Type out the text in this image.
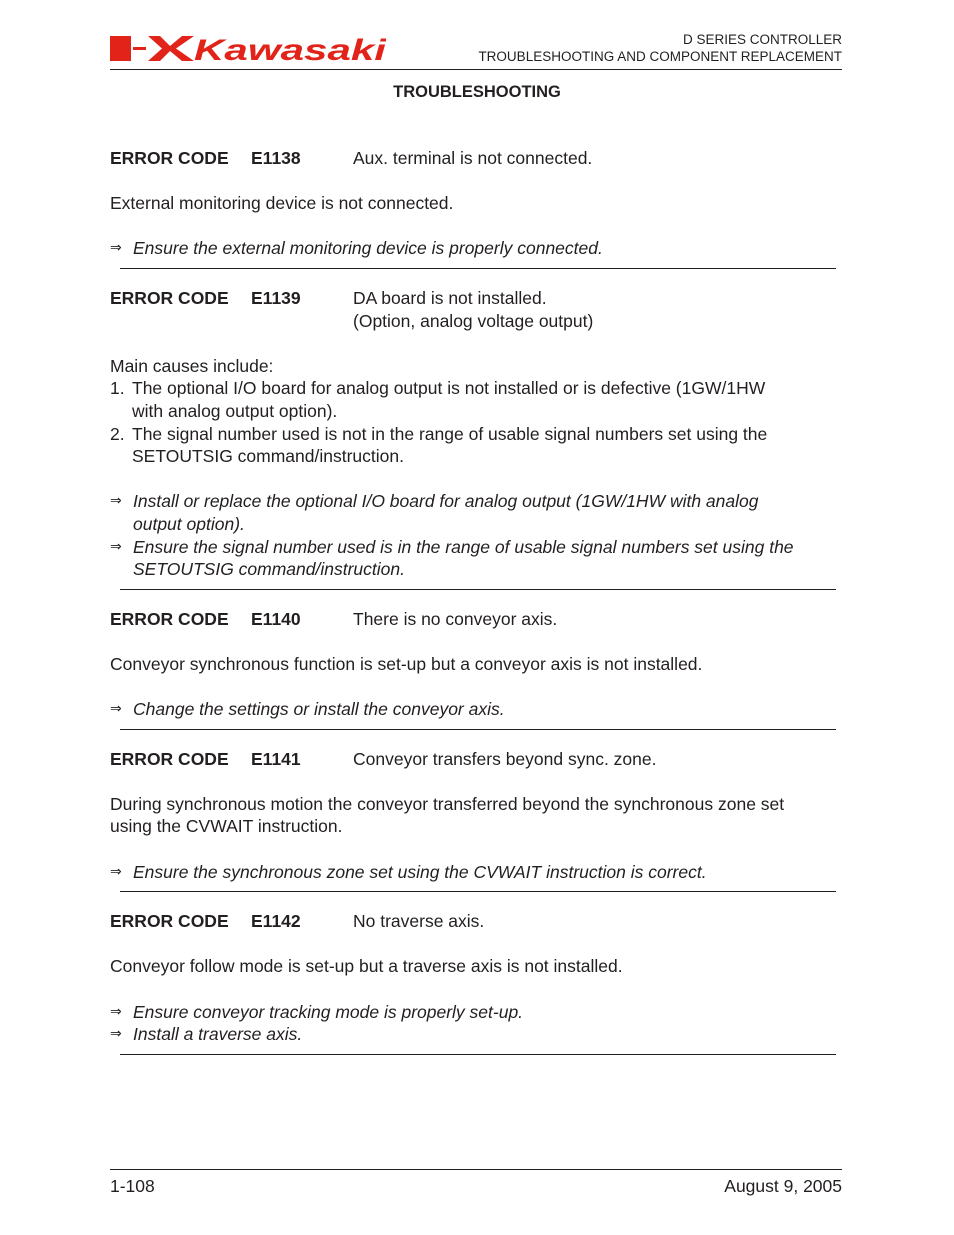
Kawasaki	D SERIES CONTROLLER
TROUBLESHOOTING AND COMPONENT REPLACEMENT
TROUBLESHOOTING
ERROR CODE E1138	Aux. terminal is not connected.

External monitoring device is not connected.

⇒ Ensure the external monitoring device is properly connected.
ERROR CODE E1139	DA board is not installed.
(Option, analog voltage output)

Main causes include:

1. The optional I/O board for analog output is not installed or is defective (1GW/1HW
with analog output option).
2. The signal number used is not in the range of usable signal numbers set using the
SETOUTSIG command/instruction.
⇒ Install or replace the optional I/O board for analog output (1GW/1HW with analog
output option).
⇒ Ensure the signal number used is in the range of usable signal numbers set using the
SETOUTSIG command/instruction.
ERROR CODE E1140	There is no conveyor axis.

Conveyor synchronous function is set-up but a conveyor axis is not installed.

⇒ Change the settings or install the conveyor axis.
ERROR CODE E1141	Conveyor transfers beyond sync. zone.

During synchronous motion the conveyor transferred beyond the synchronous zone set

using the CVWAIT instruction.

⇒ Ensure the synchronous zone set using the CVWAIT instruction is correct.
ERROR CODE E1142	No traverse axis.

Conveyor follow mode is set-up but a traverse axis is not installed.

⇒ Ensure conveyor tracking mode is properly set-up.
⇒ Install a traverse axis.
1-108	August 9, 2005
